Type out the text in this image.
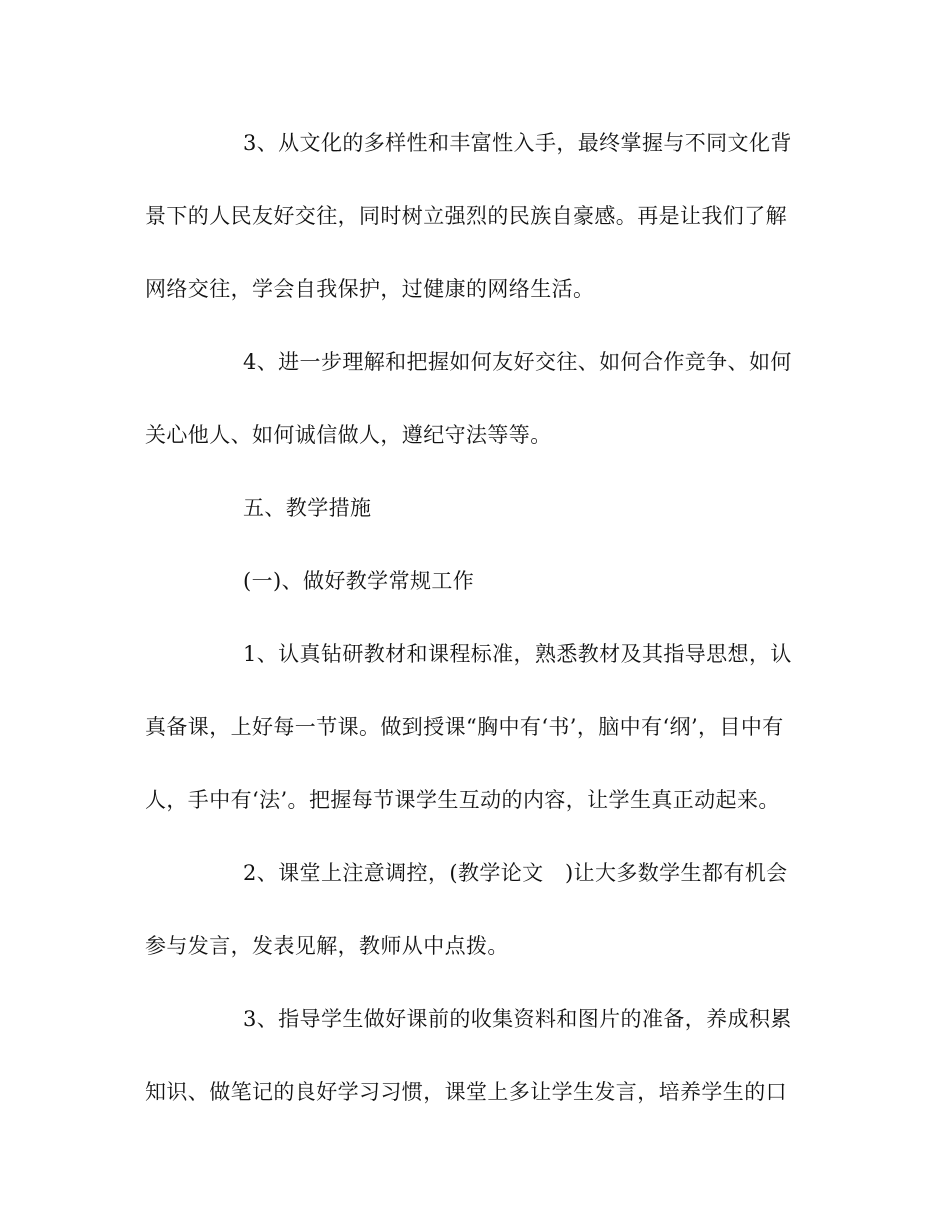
3、从文化的多样性和丰富性入手，最终掌握与不同文化背
景下的人民友好交往，同时树立强烈的民族自豪感。再是让我们了解
网络交往，学会自我保护，过健康的网络生活。
4、进一步理解和把握如何友好交往、如何合作竞争、如何
关心他人、如何诚信做人，遵纪守法等等。
五、教学措施
(一)、做好教学常规工作
1、认真钻研教材和课程标准，熟悉教材及其指导思想，认
真备课，上好每一节课。做到授课“胸中有‘书’，脑中有‘纲’，目中有
人，手中有‘法’。把握每节课学生互动的内容，让学生真正动起来。
2、课堂上注意调控，(教学论文　)让大多数学生都有机会
参与发言，发表见解，教师从中点拨。
3、指导学生做好课前的收集资料和图片的准备，养成积累
知识、做笔记的良好学习习惯，课堂上多让学生发言，培养学生的口
